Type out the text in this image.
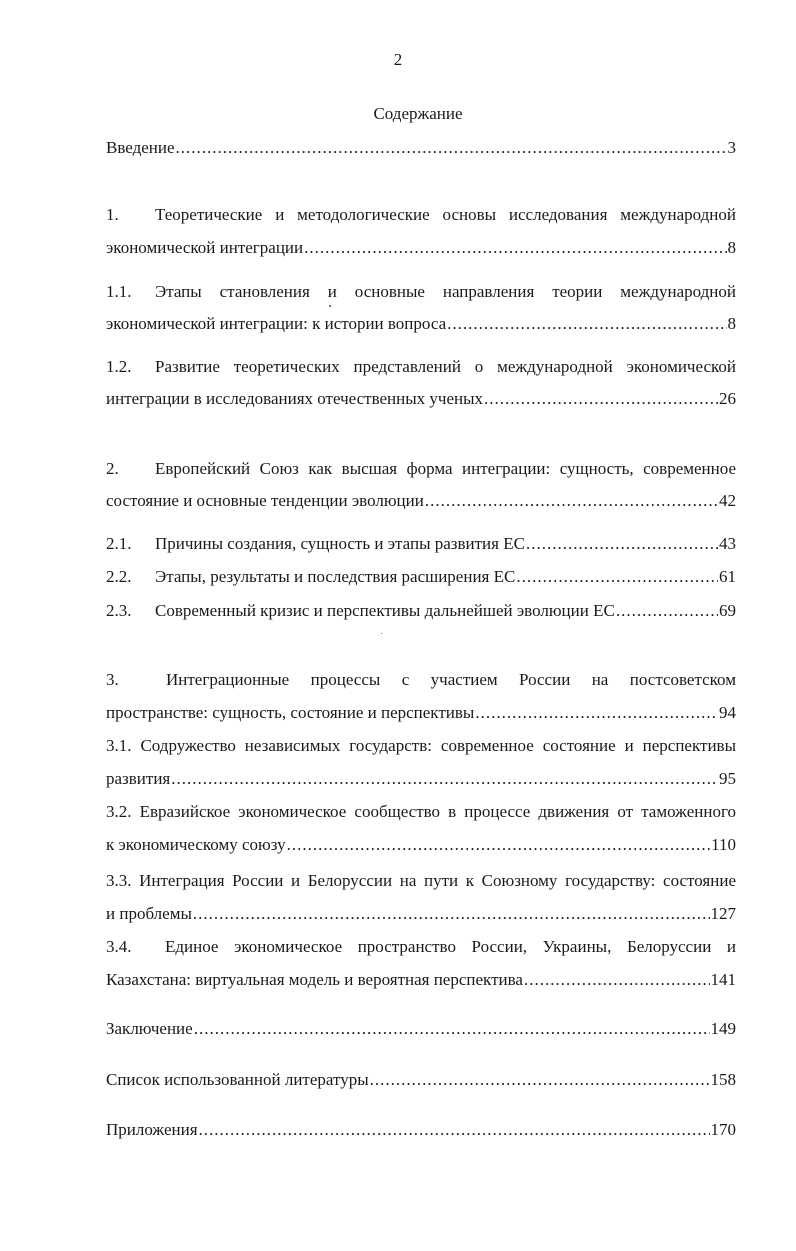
2
Содержание
Введение .....	3
1. Теоретические и методологические основы исследования международной
экономической интеграции .....	8
1.1. Этапы становления и основные направления теории международной
экономической интеграции: к истории вопроса .....	8
1.2. Развитие теоретических представлений о международной экономической
интеграции в исследованиях отечественных ученых .....	26
2. Европейский Союз как высшая форма интеграции: сущность, современное
состояние и основные тенденции эволюции .....	42
2.1.	Причины создания, сущность и этапы развития ЕС .....	43
2.2.	Этапы, результаты и последствия расширения ЕС .....	61
2.3.	Современный кризис и перспективы дальнейшей эволюции ЕС .....	69
3.	Интеграционные процессы с участием России на постсоветском
пространстве: сущность, состояние и перспективы .....	94
3.1. Содружество независимых государств: современное состояние и перспективы
развития .....	95
3.2. Евразийское экономическое сообщество в процессе движения от таможенного
к экономическому союзу .....	110
3.3. Интеграция России и Белоруссии на пути к Союзному государству: состояние
и проблемы .....	127
3.4. Единое экономическое пространство России, Украины, Белоруссии и
Казахстана: виртуальная модель и вероятная перспектива .....	141
Заключение .....	149
Список использованной литературы .....	158
Приложения .....	170
